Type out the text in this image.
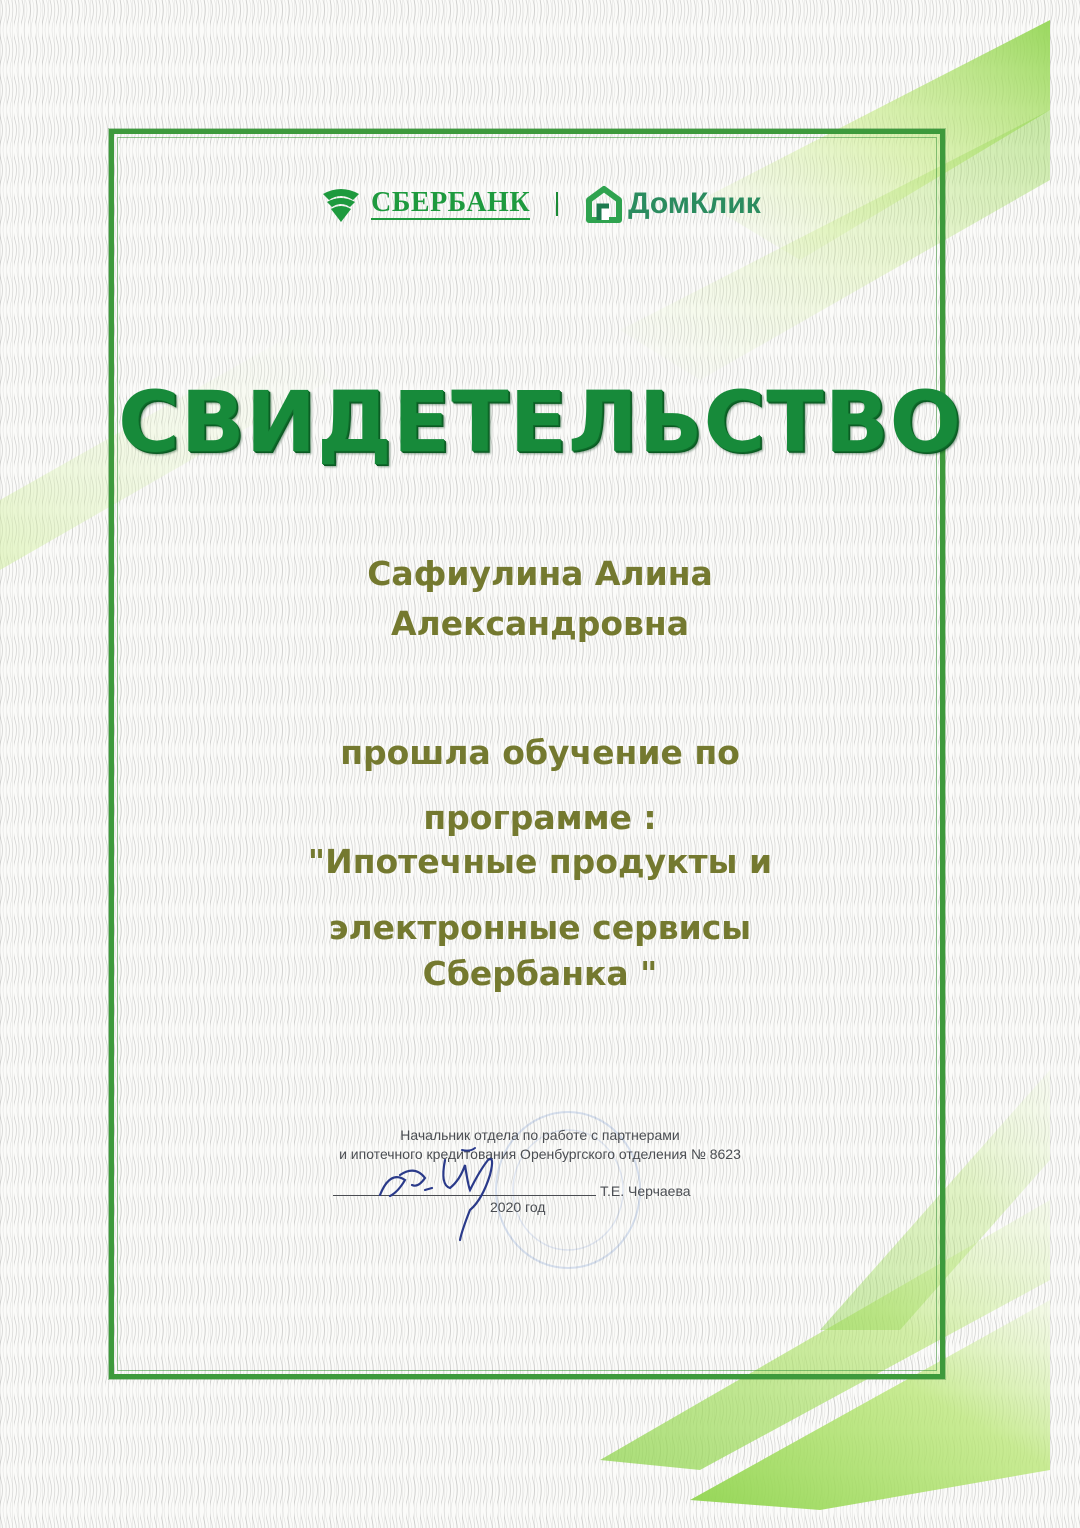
СБЕРБАНК	ДомКлик
СВИДЕТЕЛЬСТВО
Сафиулина Алина
Александровна
прошла обучение по
программе :
"Ипотечные продукты и
электронные сервисы
Сбербанка "
Начальник отдела по работе с партнерами
и ипотечного кредитования Оренбургского отделения № 8623
Т.Е. Черчаева
2020 год
